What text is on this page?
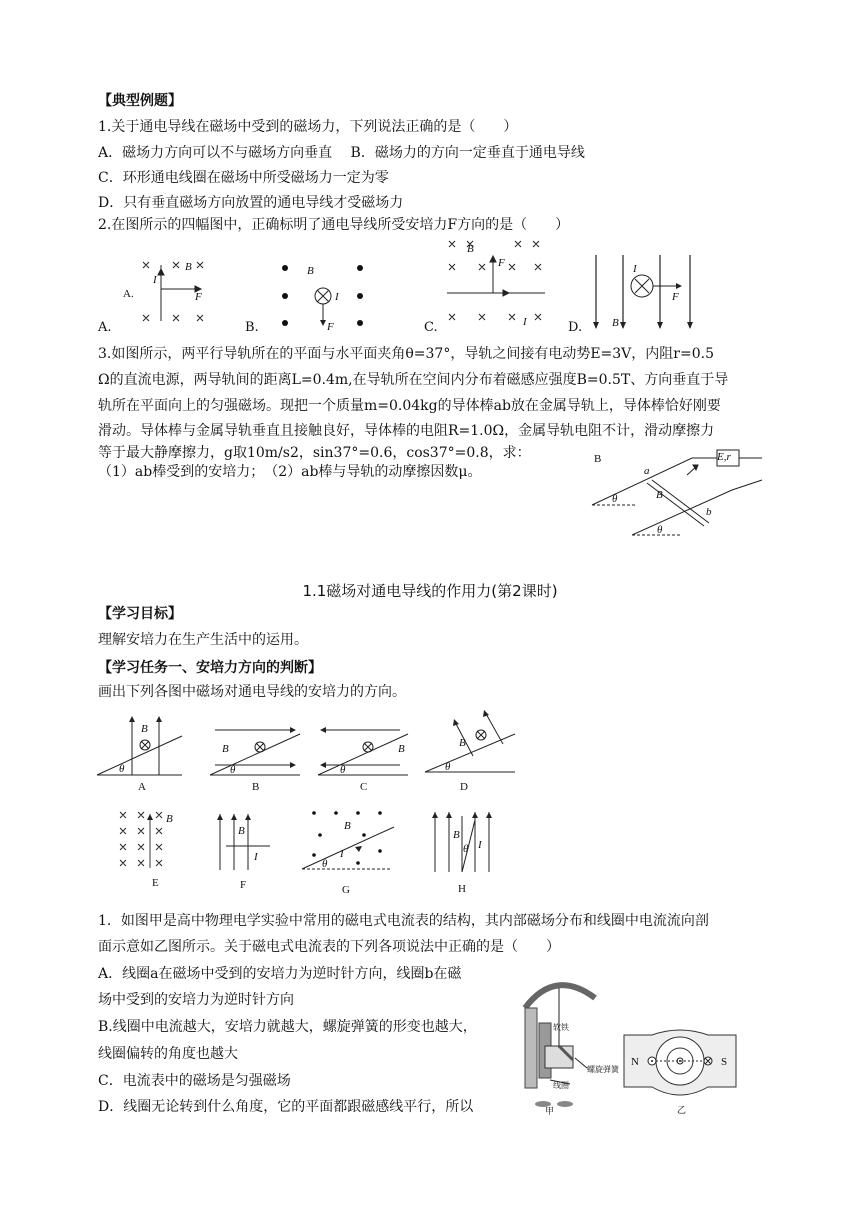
【典型例题】
1.关于通电导线在磁场中受到的磁场力，下列说法正确的是（　　）
A．磁场力方向可以不与磁场方向垂直　 B．磁场力的方向一定垂直于通电导线
C．环形通电线圈在磁场中所受磁场力一定为零
D．只有垂直磁场方向放置的通电导线才受磁场力
2.在图所示的四幅图中，正确标明了通电导线所受安培力F方向的是（　　）
A.	B.	C.	D.
A.
I
B
F
B
I
F
B
F
I
I
F
B
3.如图所示，两平行导轨所在的平面与水平面夹角θ=37°，导轨之间接有电动势E=3V，内阻r=0.5
Ω的直流电源，两导轨间的距离L=0.4m,在导轨所在空间内分布着磁感应强度B=0.5T、方向垂直于导
轨所在平面向上的匀强磁场。现把一个质量m=0.04kg的导体棒ab放在金属导轨上，导体棒恰好刚要
滑动。导体棒与金属导轨垂直且接触良好，导体棒的电阻R=1.0Ω，金属导轨电阻不计，滑动摩擦力
等于最大静摩擦力，g取10m/s2，sin37°=0.6，cos37°=0.8，求：
（1）ab棒受到的安培力；　（2）ab棒与导轨的动摩擦因数μ。
B
a
B
b
E,r
θ
θ
1.1磁场对通电导线的作用力(第2课时)
【学习目标】
理解安培力在生产生活中的运用。
【学习任务一、安培力方向的判断】
画出下列各图中磁场对通电导线的安培力的方向。
B
θ
A
B
θ
B
B
θ
C
B
θ
D
B
E
B
I
F
B
θ
I
G
B
θ I
H
1．如图甲是高中物理电学实验中常用的磁电式电流表的结构，其内部磁场分布和线圈中电流流向剖
面示意如乙图所示。关于磁电式电流表的下列各项说法中正确的是（　　）
A．线圈a在磁场中受到的安培力为逆时针方向，线圈b在磁
场中受到的安培力为逆时针方向
B.线圈中电流越大，安培力就越大，螺旋弹簧的形变也越大，
线圈偏转的角度也越大
C．电流表中的磁场是匀强磁场
D．线圈无论转到什么角度，它的平面都跟磁感线平行，所以
软铁
螺旋弹簧
线圈
甲
N	S
乙
